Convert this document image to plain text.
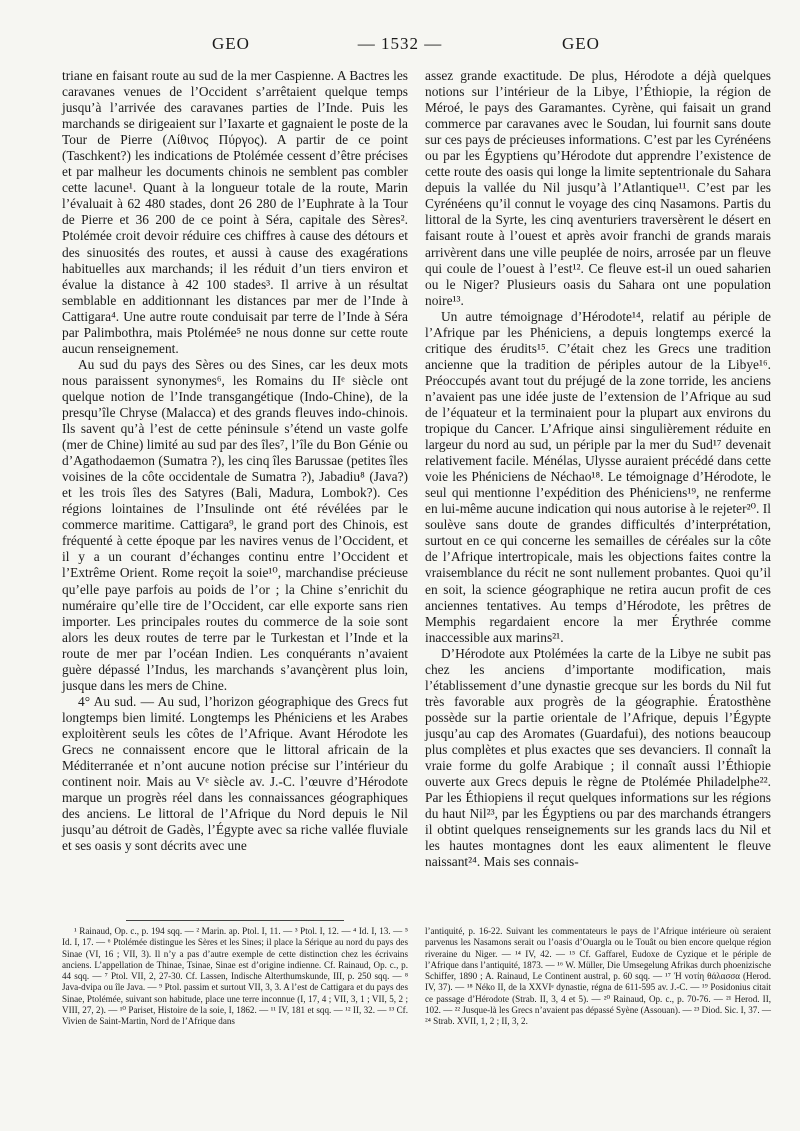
GEO	— 1532 —	GEO

triane en faisant route au sud de la mer Caspienne. A Bactres les caravanes venues de l’Occident s’arrêtaient quelque temps jusqu’à l’arrivée des caravanes parties de l’Inde. Puis les marchands se dirigeaient sur l’Iaxarte et gagnaient le poste de la Tour de Pierre (Λίθινος Πύργος). A partir de ce point (Taschkent?) les indications de Ptolémée cessent d’être précises et par malheur les documents chinois ne semblent pas combler cette lacune¹. Quant à la longueur totale de la route, Marin l’évaluait à 62 480 stades, dont 26 280 de l’Euphrate à la Tour de Pierre et 36 200 de ce point à Séra, capitale des Sères². Ptolémée croit devoir réduire ces chiffres à cause des détours et des sinuosités des routes, et aussi à cause des exagérations habituelles aux marchands; il les réduit d’un tiers environ et évalue la distance à 42 100 stades³. Il arrive à un résultat semblable en additionnant les distances par mer de l’Inde à Cattigara⁴. Une autre route conduisait par terre de l’Inde à Séra par Palimbothra, mais Ptolémée⁵ ne nous donne sur cette route aucun renseignement.

Au sud du pays des Sères ou des Sines, car les deux mots nous paraissent synonymes⁶, les Romains du IIᵉ siècle ont quelque notion de l’Inde transgangétique (Indo-Chine), de la presqu’île Chryse (Malacca) et des grands fleuves indo-chinois. Ils savent qu’à l’est de cette péninsule s’étend un vaste golfe (mer de Chine) limité au sud par des îles⁷, l’île du Bon Génie ou d’Agathodaemon (Sumatra ?), les cinq îles Barussae (petites îles voisines de la côte occidentale de Sumatra ?), Jabadiu⁸ (Java?) et les trois îles des Satyres (Bali, Madura, Lombok?). Ces régions lointaines de l’Insulinde ont été révélées par le commerce maritime. Cattigara⁹, le grand port des Chinois, est fréquenté à cette époque par les navires venus de l’Occident, et il y a un courant d’échanges continu entre l’Occident et l’Extrême Orient. Rome reçoit la soie¹⁰, marchandise précieuse qu’elle paye parfois au poids de l’or ; la Chine s’enrichit du numéraire qu’elle tire de l’Occident, car elle exporte sans rien importer. Les principales routes du commerce de la soie sont alors les deux routes de terre par le Turkestan et l’Inde et la route de mer par l’océan Indien. Les conquérants n’avaient guère dépassé l’Indus, les marchands s’avançèrent plus loin, jusque dans les mers de Chine.

4° Au sud. — Au sud, l’horizon géographique des Grecs fut longtemps bien limité. Longtemps les Phéniciens et les Arabes exploitèrent seuls les côtes de l’Afrique. Avant Hérodote les Grecs ne connaissent encore que le littoral africain de la Méditerranée et n’ont aucune notion précise sur l’intérieur du continent noir. Mais au Vᵉ siècle av. J.-C. l’œuvre d’Hérodote marque un progrès réel dans les connaissances géographiques des anciens. Le littoral de l’Afrique du Nord depuis le Nil jusqu’au détroit de Gadès, l’Égypte avec sa riche vallée fluviale et ses oasis y sont décrits avec une

assez grande exactitude. De plus, Hérodote a déjà quelques notions sur l’intérieur de la Libye, l’Éthiopie, la région de Méroé, le pays des Garamantes. Cyrène, qui faisait un grand commerce par caravanes avec le Soudan, lui fournit sans doute sur ces pays de précieuses informations. C’est par les Cyrénéens ou par les Égyptiens qu’Hérodote dut apprendre l’existence de cette route des oasis qui longe la limite septentrionale du Sahara depuis la vallée du Nil jusqu’à l’Atlantique¹¹. C’est par les Cyrénéens qu’il connut le voyage des cinq Nasamons. Partis du littoral de la Syrte, les cinq aventuriers traversèrent le désert en faisant route à l’ouest et après avoir franchi de grands marais arrivèrent dans une ville peuplée de noirs, arrosée par un fleuve qui coule de l’ouest à l’est¹². Ce fleuve est-il un oued saharien ou le Niger? Plusieurs oasis du Sahara ont une population noire¹³.

Un autre témoignage d’Hérodote¹⁴, relatif au périple de l’Afrique par les Phéniciens, a depuis longtemps exercé la critique des érudits¹⁵. C’était chez les Grecs une tradition ancienne que la tradition de périples autour de la Libye¹⁶. Préoccupés avant tout du préjugé de la zone torride, les anciens n’avaient pas une idée juste de l’extension de l’Afrique au sud de l’équateur et la terminaient pour la plupart aux environs du tropique du Cancer. L’Afrique ainsi singulièrement réduite en largeur du nord au sud, un périple par la mer du Sud¹⁷ devenait relativement facile. Ménélas, Ulysse auraient précédé dans cette voie les Phéniciens de Néchao¹⁸. Le témoignage d’Hérodote, le seul qui mentionne l’expédition des Phéniciens¹⁹, ne renferme en lui-même aucune indication qui nous autorise à le rejeter²⁰. Il soulève sans doute de grandes difficultés d’interprétation, surtout en ce qui concerne les semailles de céréales sur la côte de l’Afrique intertropicale, mais les objections faites contre la vraisemblance du récit ne sont nullement probantes. Quoi qu’il en soit, la science géographique ne retira aucun profit de ces anciennes tentatives. Au temps d’Hérodote, les prêtres de Memphis regardaient encore la mer Érythrée comme inaccessible aux marins²¹.

D’Hérodote aux Ptolémées la carte de la Libye ne subit pas chez les anciens d’importante modification, mais l’établissement d’une dynastie grecque sur les bords du Nil fut très favorable aux progrès de la géographie. Ératosthène possède sur la partie orientale de l’Afrique, depuis l’Égypte jusqu’au cap des Aromates (Guardafui), des notions beaucoup plus complètes et plus exactes que ses devanciers. Il connaît la vraie forme du golfe Arabique ; il connaît aussi l’Éthiopie ouverte aux Grecs depuis le règne de Ptolémée Philadelphe²². Par les Éthiopiens il reçut quelques informations sur les régions du haut Nil²³, par les Égyptiens ou par des marchands étrangers il obtint quelques renseignements sur les grands lacs du Nil et les hautes montagnes dont les eaux alimentent le fleuve naissant²⁴. Mais ses connais-

¹ Rainaud, Op. c., p. 194 sqq. — ² Marin. ap. Ptol. I, 11. — ³ Ptol. I, 12. — ⁴ Id. I, 13. — ⁵ Id. I, 17. — ⁶ Ptolémée distingue les Sères et les Sines; il place la Sérique au nord du pays des Sinae (VI, 16 ; VII, 3). Il n’y a pas d’autre exemple de cette distinction chez les écrivains anciens. L’appellation de Thinae, Tsinae, Sinae est d’origine indienne. Cf. Rainaud, Op. c., p. 44 sqq. — ⁷ Ptol. VII, 2, 27-30. Cf. Lassen, Indische Alterthumskunde, III, p. 250 sqq. — ⁸ Java-dvipa ou île Java. — ⁹ Ptol. passim et surtout VII, 3, 3. A l’est de Cattigara et du pays des Sinae, Ptolémée, suivant son habitude, place une terre inconnue (I, 17, 4 ; VII, 3, 1 ; VII, 5, 2 ; VIII, 27, 2). — ¹⁰ Pariset, Histoire de la soie, I, 1862. — ¹¹ IV, 181 et sqq. — ¹² II, 32. — ¹³ Cf. Vivien de Saint-Martin, Nord de l’Afrique dans

l’antiquité, p. 16-22. Suivant les commentateurs le pays de l’Afrique intérieure où seraient parvenus les Nasamons serait ou l’oasis d’Ouargla ou le Touât ou bien encore quelque région riveraine du Niger. — ¹⁴ IV, 42. — ¹⁵ Cf. Gaffarel, Eudoxe de Cyzique et le périple de l’Afrique dans l’antiquité, 1873. — ¹⁶ W. Müller, Die Umsegelung Afrikas durch phoenizische Schiffer, 1890 ; A. Rainaud, Le Continent austral, p. 60 sqq. — ¹⁷ Ἡ νοτίη θάλασσα (Herod. IV, 37). — ¹⁸ Néko II, de la XXVIᵉ dynastie, régna de 611-595 av. J.-C. — ¹⁹ Posidonius citait ce passage d’Hérodote (Strab. II, 3, 4 et 5). — ²⁰ Rainaud, Op. c., p. 70-76. — ²¹ Herod. II, 102. — ²² Jusque-là les Grecs n’avaient pas dépassé Syène (Assouan). — ²³ Diod. Sic. I, 37. — ²⁴ Strab. XVII, 1, 2 ; II, 3, 2.
